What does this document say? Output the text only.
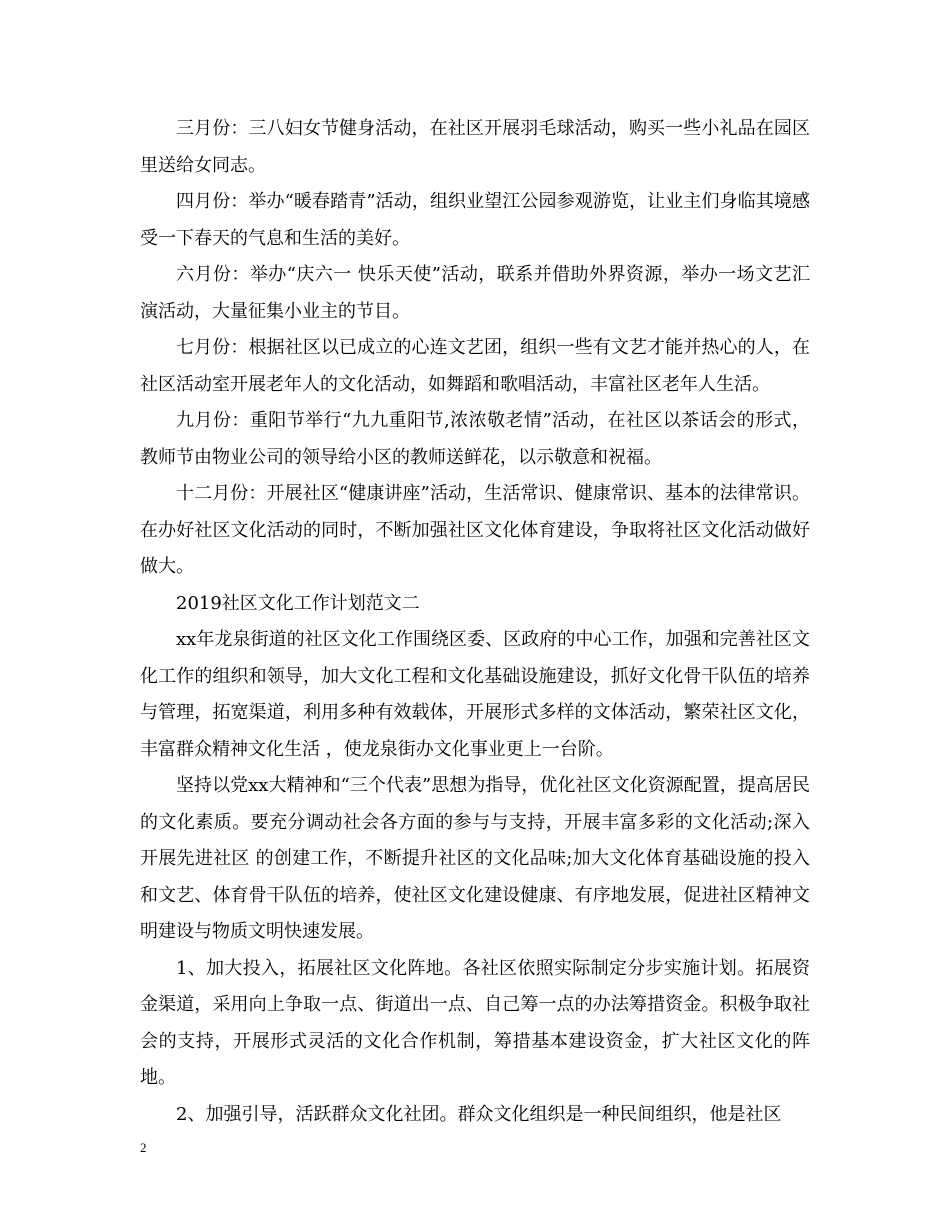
三月份：三八妇女节健身活动，在社区开展羽毛球活动，购买一些小礼品在园区里送给女同志。

四月份：举办“暖春踏青”活动，组织业望江公园参观游览，让业主们身临其境感受一下春天的气息和生活的美好。

六月份：举办“庆六一 快乐天使”活动，联系并借助外界资源，举办一场文艺汇演活动，大量征集小业主的节目。

七月份：根据社区以已成立的心连文艺团，组织一些有文艺才能并热心的人，在社区活动室开展老年人的文化活动，如舞蹈和歌唱活动，丰富社区老年人生活。

九月份：重阳节举行“九九重阳节,浓浓敬老情”活动，在社区以茶话会的形式，教师节由物业公司的领导给小区的教师送鲜花，以示敬意和祝福。

十二月份：开展社区“健康讲座”活动，生活常识、健康常识、基本的法律常识。在办好社区文化活动的同时，不断加强社区文化体育建设，争取将社区文化活动做好做大。

2019社区文化工作计划范文二

xx年龙泉街道的社区文化工作围绕区委、区政府的中心工作，加强和完善社区文化工作的组织和领导，加大文化工程和文化基础设施建设，抓好文化骨干队伍的培养与管理，拓宽渠道，利用多种有效载体，开展形式多样的文体活动，繁荣社区文化，丰富群众精神文化生活 ，使龙泉街办文化事业更上一台阶。

坚持以党xx大精神和“三个代表”思想为指导，优化社区文化资源配置，提高居民的文化素质。要充分调动社会各方面的参与与支持，开展丰富多彩的文化活动;深入开展先进社区 的创建工作，不断提升社区的文化品味;加大文化体育基础设施的投入和文艺、体育骨干队伍的培养，使社区文化建设健康、有序地发展，促进社区精神文明建设与物质文明快速发展。

1、加大投入，拓展社区文化阵地。各社区依照实际制定分步实施计划。拓展资金渠道，采用向上争取一点、街道出一点、自己筹一点的办法筹措资金。积极争取社会的支持，开展形式灵活的文化合作机制，筹措基本建设资金，扩大社区文化的阵地。

2、加强引导，活跃群众文化社团。群众文化组织是一种民间组织，他是社区

2
